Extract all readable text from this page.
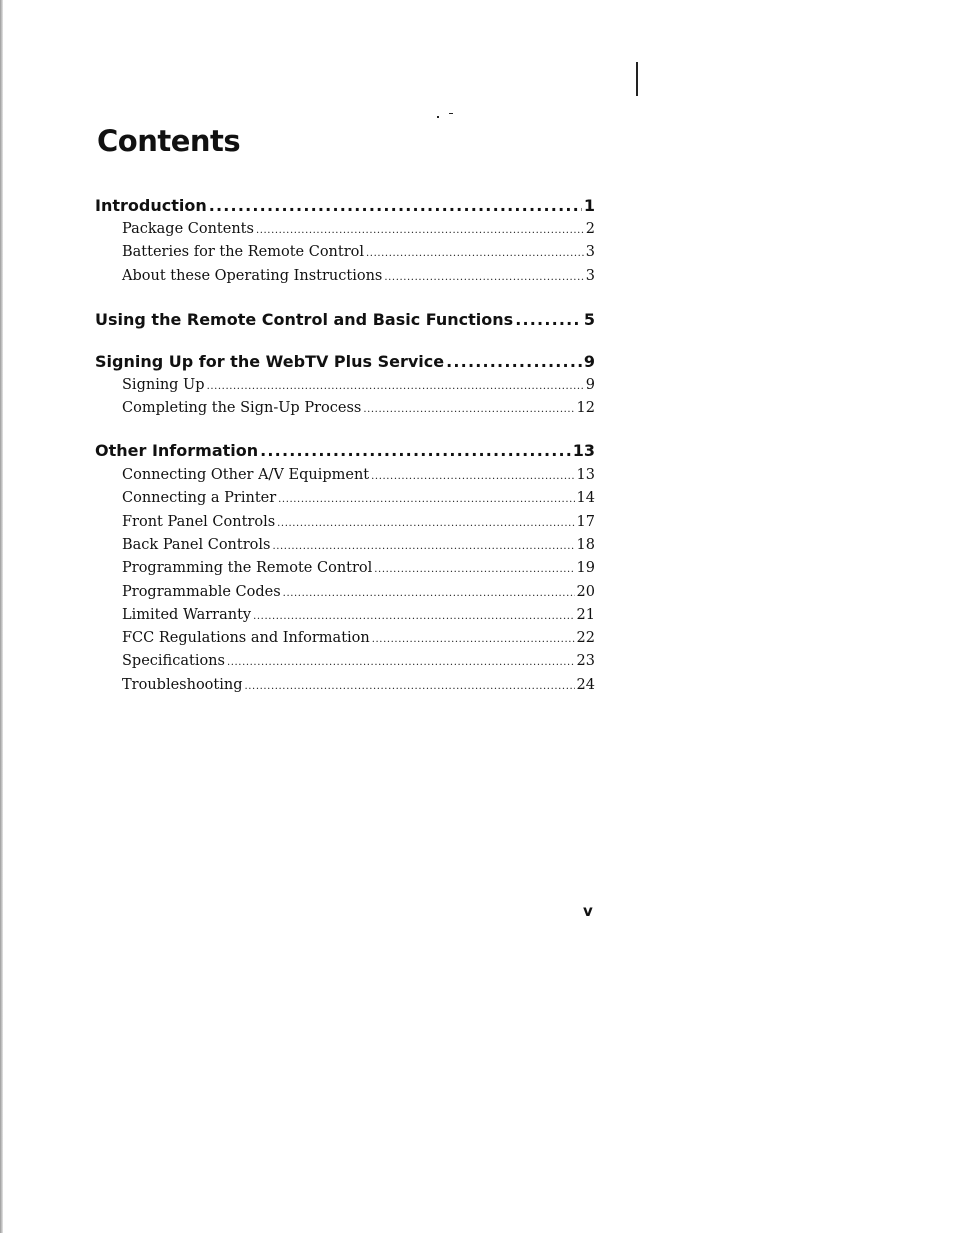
Contents
Introduction .....	1
Package Contents .....	2
Batteries for the Remote Control .....	3
About these Operating Instructions .....	3
Using the Remote Control and Basic Functions .....	5
Signing Up for the WebTV Plus Service .....	9
Signing Up .....	9
Completing the Sign-Up Process .....	12
Other Information .....	13
Connecting Other A/V Equipment .....	13
Connecting a Printer .....	14
Front Panel Controls .....	17
Back Panel Controls .....	18
Programming the Remote Control .....	19
Programmable Codes .....	20
Limited Warranty .....	21
FCC Regulations and Information .....	22
Specifications .....	23
Troubleshooting .....	24
v
